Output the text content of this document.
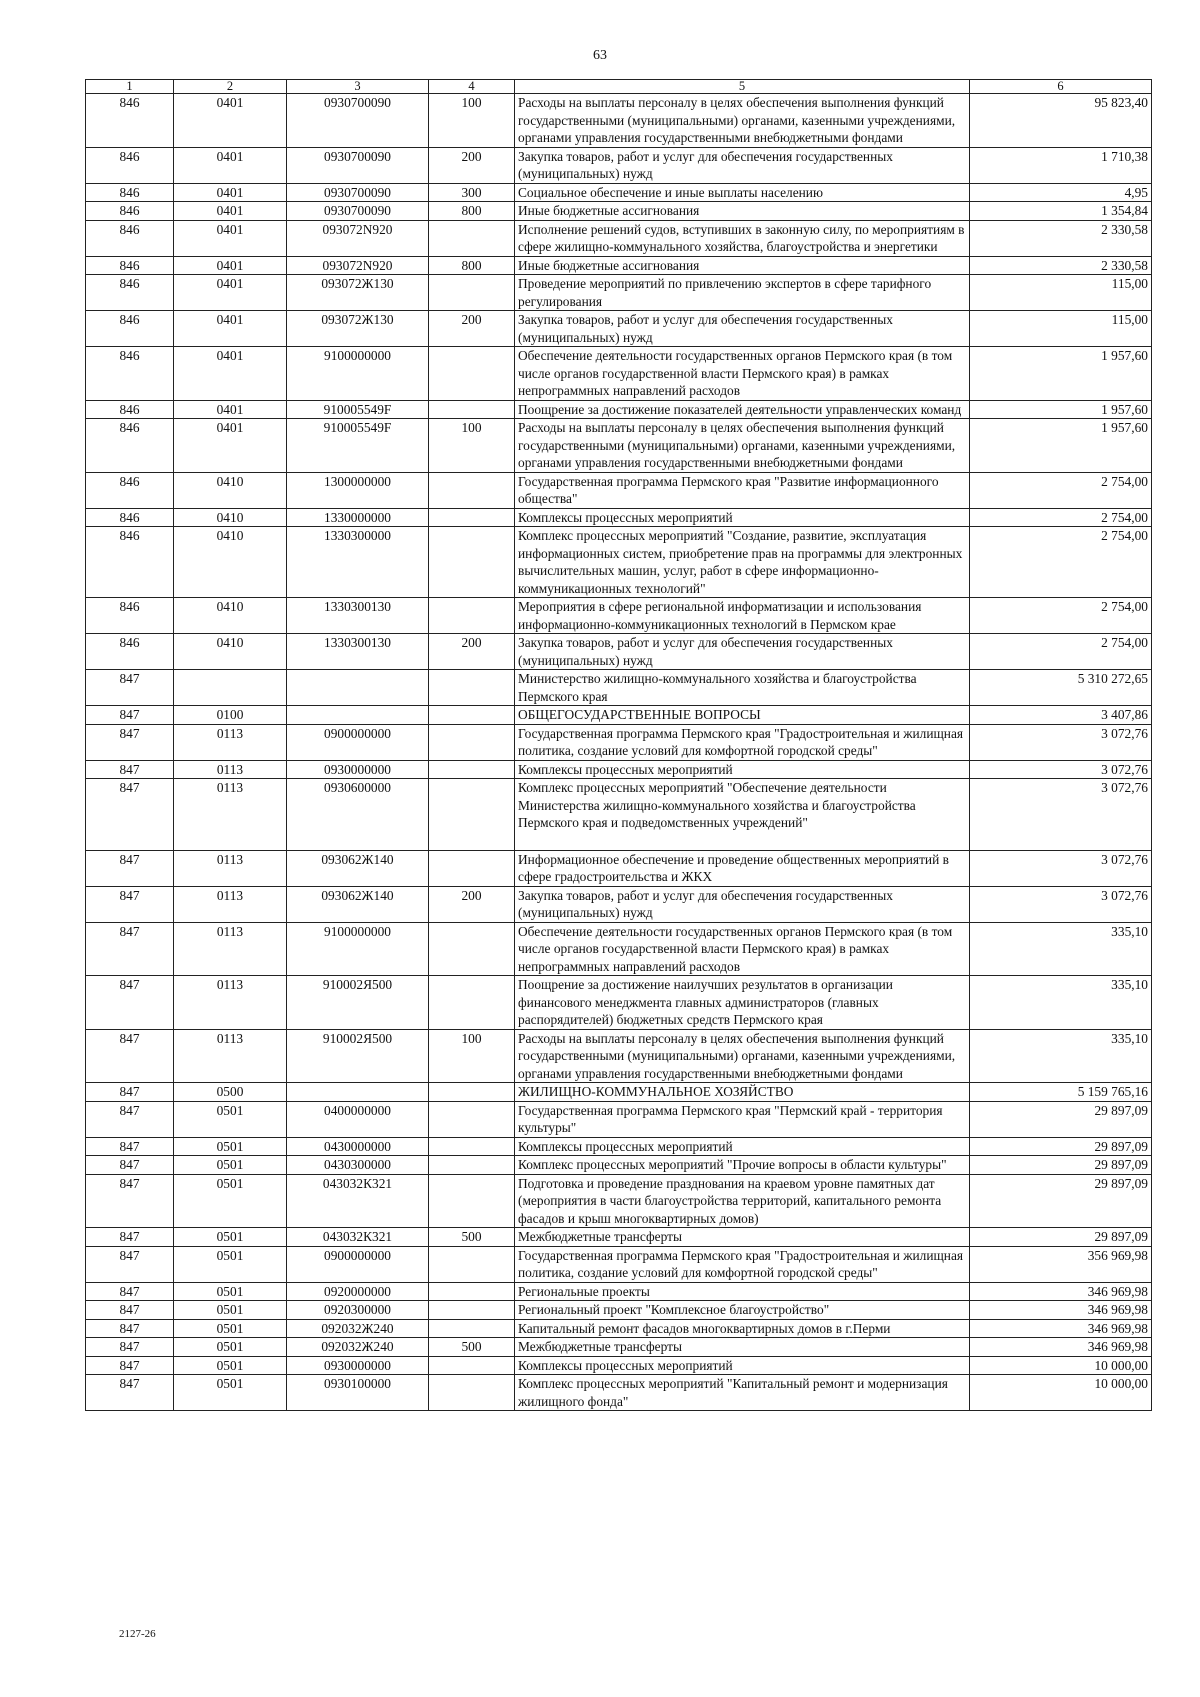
63
1	2	3	4	5	6
846	0401	0930700090	100	Расходы на выплаты персоналу в целях обеспечения выполнения функций государственными (муниципальными) органами, казенными учреждениями, органами управления государственными внебюджетными фондами	95 823,40
846	0401	0930700090	200	Закупка товаров, работ и услуг для обеспечения государственных (муниципальных) нужд	1 710,38
846	0401	0930700090	300	Социальное обеспечение и иные выплаты населению	4,95
846	0401	0930700090	800	Иные бюджетные ассигнования	1 354,84
846	0401	093072N920		Исполнение решений судов, вступивших в законную силу, по мероприятиям в сфере жилищно-коммунального хозяйства, благоустройства и энергетики	2 330,58
846	0401	093072N920	800	Иные бюджетные ассигнования	2 330,58
846	0401	093072Ж130		Проведение мероприятий по привлечению экспертов в сфере тарифного регулирования	115,00
846	0401	093072Ж130	200	Закупка товаров, работ и услуг для обеспечения государственных (муниципальных) нужд	115,00
846	0401	9100000000		Обеспечение деятельности государственных органов Пермского края (в том числе органов государственной власти Пермского края) в рамках непрограммных направлений расходов	1 957,60
846	0401	910005549F		Поощрение за достижение показателей деятельности управленческих команд	1 957,60
846	0401	910005549F	100	Расходы на выплаты персоналу в целях обеспечения выполнения функций государственными (муниципальными) органами, казенными учреждениями, органами управления государственными внебюджетными фондами	1 957,60
846	0410	1300000000		Государственная программа Пермского края "Развитие информационного общества"	2 754,00
846	0410	1330000000		Комплексы процессных мероприятий	2 754,00
846	0410	1330300000		Комплекс процессных мероприятий "Создание, развитие, эксплуатация информационных систем, приобретение прав на программы для электронных вычислительных машин, услуг, работ в сфере информационно-коммуникационных технологий"	2 754,00
846	0410	1330300130		Мероприятия в сфере региональной информатизации и использования информационно-коммуникационных технологий в Пермском крае	2 754,00
846	0410	1330300130	200	Закупка товаров, работ и услуг для обеспечения государственных (муниципальных) нужд	2 754,00
847				Министерство жилищно-коммунального хозяйства и благоустройства Пермского края	5 310 272,65
847	0100			ОБЩЕГОСУДАРСТВЕННЫЕ ВОПРОСЫ	3 407,86
847	0113	0900000000		Государственная программа Пермского края "Градостроительная и жилищная политика, создание условий для комфортной городской среды"	3 072,76
847	0113	0930000000		Комплексы процессных мероприятий	3 072,76
847	0113	0930600000		Комплекс процессных мероприятий "Обеспечение деятельности Министерства жилищно-коммунального хозяйства и благоустройства Пермского края и подведомственных учреждений"	3 072,76
847	0113	093062Ж140		Информационное обеспечение и проведение общественных мероприятий в сфере градостроительства и ЖКХ	3 072,76
847	0113	093062Ж140	200	Закупка товаров, работ и услуг для обеспечения государственных (муниципальных) нужд	3 072,76
847	0113	9100000000		Обеспечение деятельности государственных органов Пермского края (в том числе органов государственной власти Пермского края) в рамках непрограммных направлений расходов	335,10
847	0113	910002Я500		Поощрение за достижение наилучших результатов в организации финансового менеджмента главных администраторов (главных распорядителей) бюджетных средств Пермского края	335,10
847	0113	910002Я500	100	Расходы на выплаты персоналу в целях обеспечения выполнения функций государственными (муниципальными) органами, казенными учреждениями, органами управления государственными внебюджетными фондами	335,10
847	0500			ЖИЛИЩНО-КОММУНАЛЬНОЕ ХОЗЯЙСТВО	5 159 765,16
847	0501	0400000000		Государственная программа Пермского края "Пермский край - территория культуры"	29 897,09
847	0501	0430000000		Комплексы процессных мероприятий	29 897,09
847	0501	0430300000		Комплекс процессных мероприятий "Прочие вопросы в области культуры"	29 897,09
847	0501	043032К321		Подготовка и проведение празднования на краевом уровне памятных дат (мероприятия в части благоустройства территорий, капитального ремонта фасадов и крыш многоквартирных домов)	29 897,09
847	0501	043032К321	500	Межбюджетные трансферты	29 897,09
847	0501	0900000000		Государственная программа Пермского края "Градостроительная и жилищная политика, создание условий для комфортной городской среды"	356 969,98
847	0501	0920000000		Региональные проекты	346 969,98
847	0501	0920300000		Региональный проект "Комплексное благоустройство"	346 969,98
847	0501	092032Ж240		Капитальный ремонт фасадов многоквартирных домов в г.Перми	346 969,98
847	0501	092032Ж240	500	Межбюджетные трансферты	346 969,98
847	0501	0930000000		Комплексы процессных мероприятий	10 000,00
847	0501	0930100000		Комплекс процессных мероприятий "Капитальный ремонт и модернизация жилищного фонда"	10 000,00
2127-26
